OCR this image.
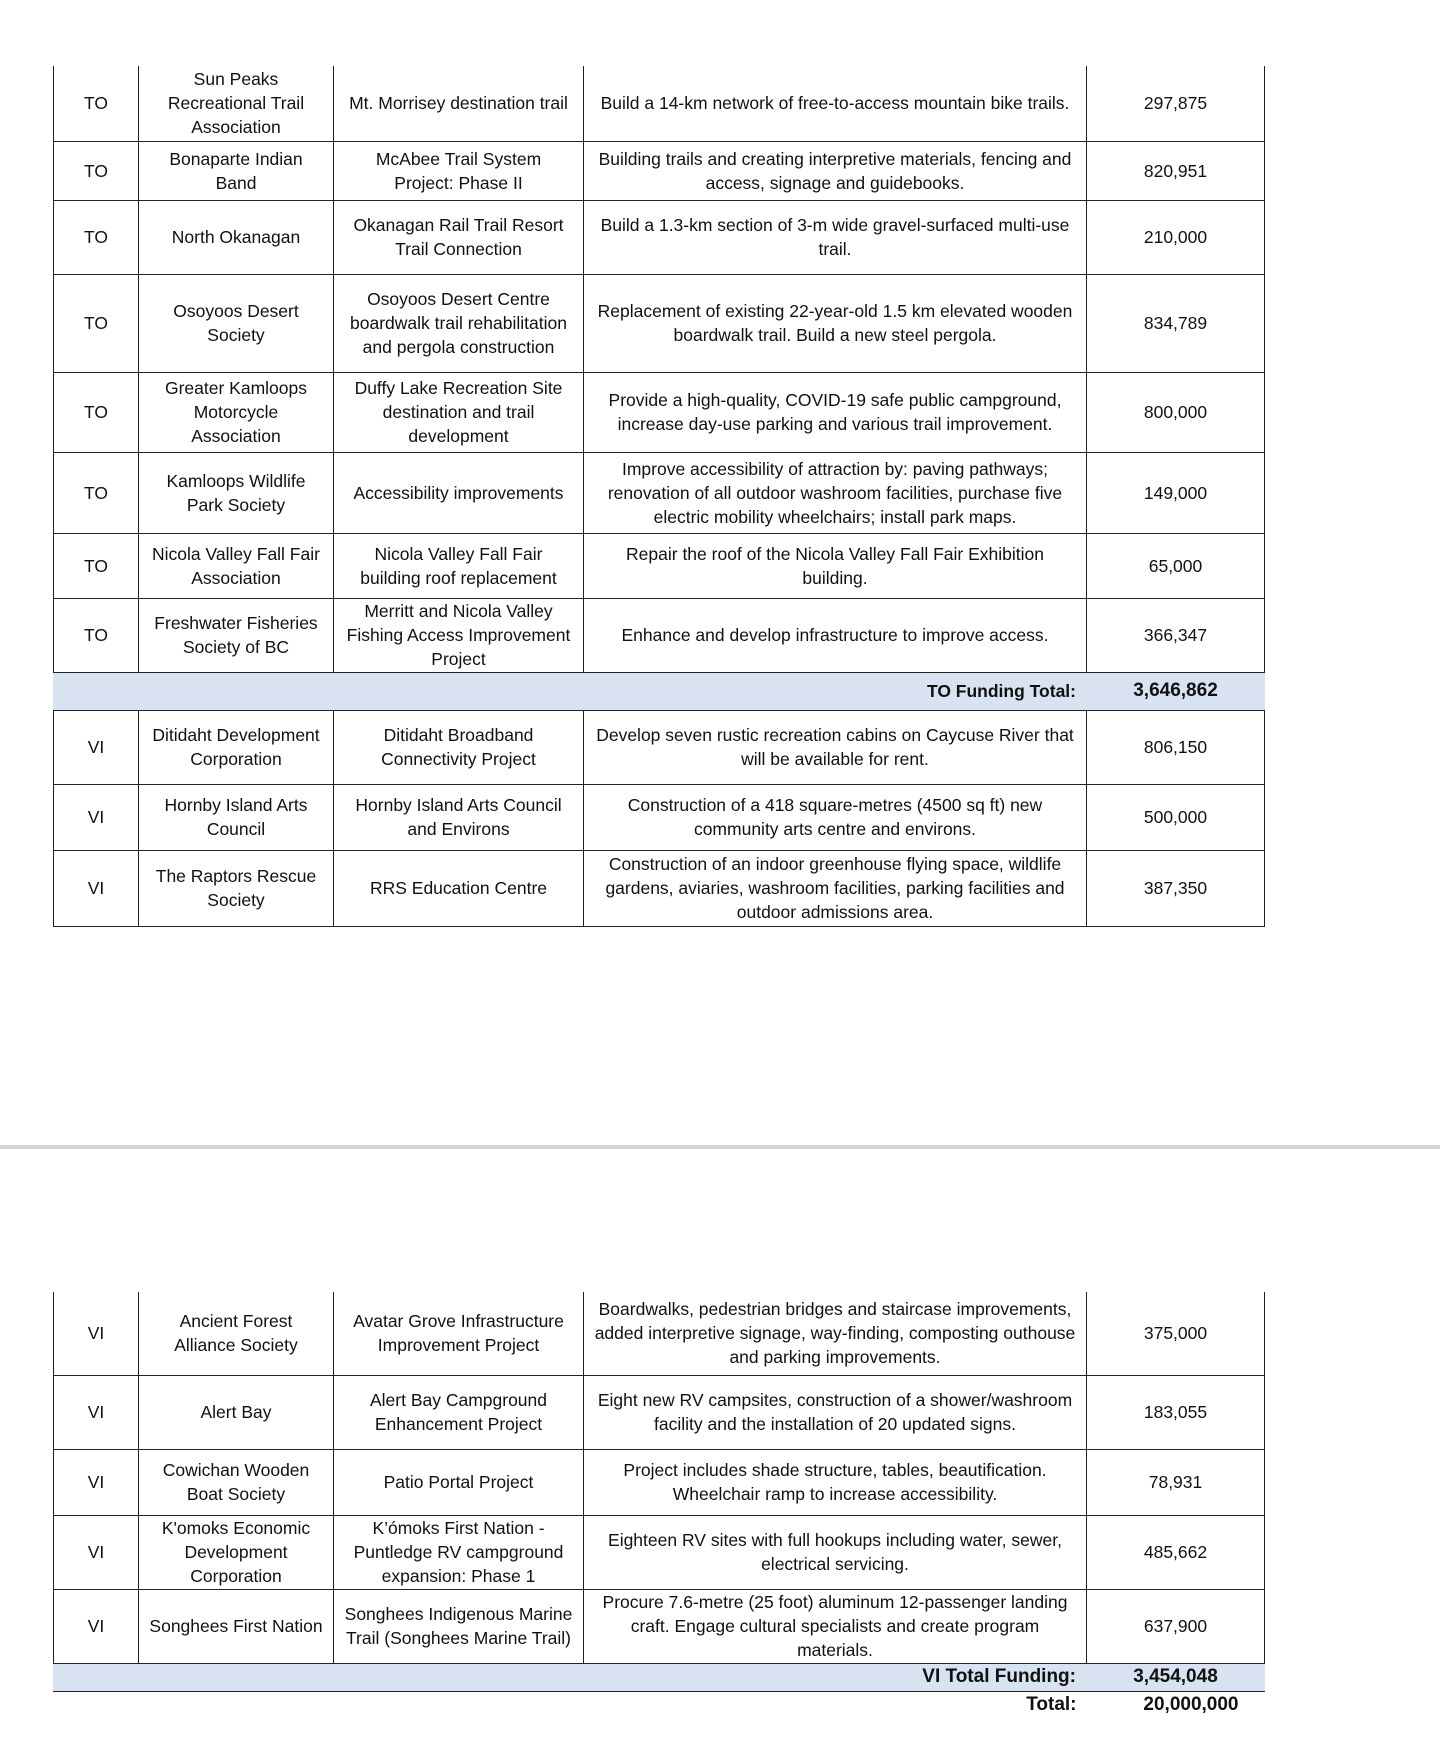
TO	Sun Peaks Recreational Trail Association	Mt. Morrisey destination trail	Build a 14-km network of free-to-access mountain bike trails.	297,875
TO	Bonaparte Indian Band	McAbee Trail System Project: Phase II	Building trails and creating interpretive materials, fencing and access, signage and guidebooks.	820,951
TO	North Okanagan	Okanagan Rail Trail Resort Trail Connection	Build a 1.3-km section of 3-m wide gravel-surfaced multi-use trail.	210,000
TO	Osoyoos Desert Society	Osoyoos Desert Centre boardwalk trail rehabilitation and pergola construction	Replacement of existing 22-year-old 1.5 km elevated wooden boardwalk trail. Build a new steel pergola.	834,789
TO	Greater Kamloops Motorcycle Association	Duffy Lake Recreation Site destination and trail development	Provide a high-quality, COVID-19 safe public campground, increase day-use parking and various trail improvement.	800,000
TO	Kamloops Wildlife Park Society	Accessibility improvements	Improve accessibility of attraction by: paving pathways; renovation of all outdoor washroom facilities, purchase five electric mobility wheelchairs; install park maps.	149,000
TO	Nicola Valley Fall Fair Association	Nicola Valley Fall Fair building roof replacement	Repair the roof of the Nicola Valley Fall Fair Exhibition building.	65,000
TO	Freshwater Fisheries Society of BC	Merritt and Nicola Valley Fishing Access Improvement Project	Enhance and develop infrastructure to improve access.	366,347
			TO Funding Total:	3,646,862
VI	Ditidaht Development Corporation	Ditidaht Broadband Connectivity Project	Develop seven rustic recreation cabins on Caycuse River that will be available for rent.	806,150
VI	Hornby Island Arts Council	Hornby Island Arts Council and Environs	Construction of a 418 square-metres (4500 sq ft) new community arts centre and environs.	500,000
VI	The Raptors Rescue Society	RRS Education Centre	Construction of an indoor greenhouse flying space, wildlife gardens, aviaries, washroom facilities, parking facilities and outdoor admissions area.	387,350
VI	Ancient Forest Alliance Society	Avatar Grove Infrastructure Improvement Project	Boardwalks, pedestrian bridges and staircase improvements, added interpretive signage, way-finding, composting outhouse and parking improvements.	375,000
VI	Alert Bay	Alert Bay Campground Enhancement Project	Eight new RV campsites, construction of a shower/washroom facility and the installation of 20 updated signs.	183,055
VI	Cowichan Wooden Boat Society	Patio Portal Project	Project includes shade structure, tables, beautification. Wheelchair ramp to increase accessibility.	78,931
VI	K'omoks Economic Development Corporation	K’ómoks First Nation - Puntledge RV campground expansion: Phase 1	Eighteen RV sites with full hookups including water, sewer, electrical servicing.	485,662
VI	Songhees First Nation	Songhees Indigenous Marine Trail (Songhees Marine Trail)	Procure 7.6-metre (25 foot) aluminum 12-passenger landing craft. Engage cultural specialists and create program materials.	637,900
			VI Total Funding:	3,454,048
			Total:	20,000,000
